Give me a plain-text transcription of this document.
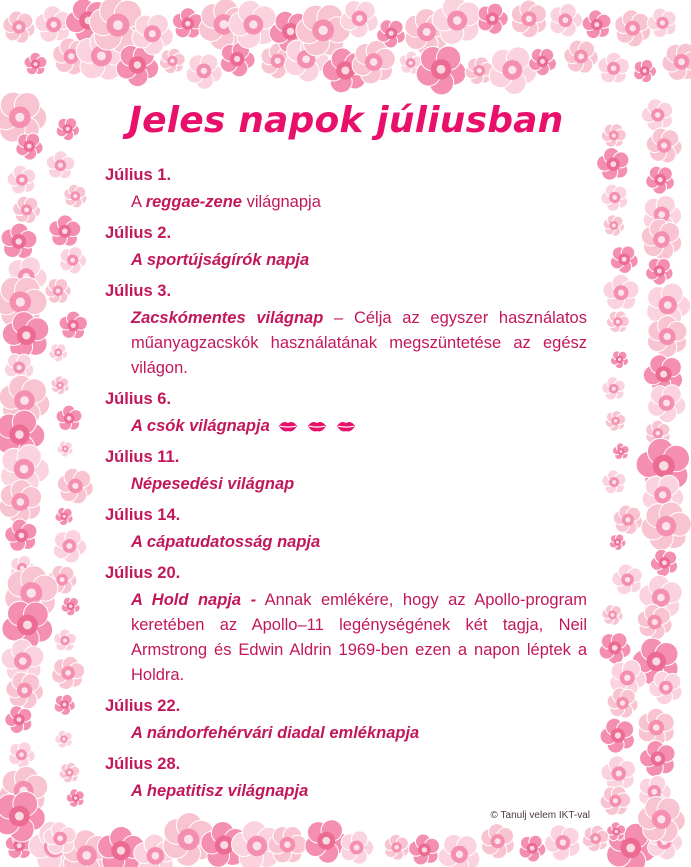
Jeles napok júliusban
Július 1.
A reggae-zene világnapja
Július 2.
A sportújságírók napja
Július 3.
Zacskómentes világnap – Célja az egyszer használatos műanyagzacskók használatának megszüntetése az egész világon.
Július 6.
A csók világnapja
Július 11.
Népesedési világnap
Július 14.
A cápatudatosság napja
Július 20.
A Hold napja - Annak emlékére, hogy az Apollo-program keretében az Apollo–11 legénységének két tagja, Neil Armstrong és Edwin Aldrin 1969-ben ezen a napon léptek a Holdra.
Július 22.
A nándorfehérvári diadal emléknapja
Július 28.
A hepatitisz világnapja
© Tanulj velem IKT-val
